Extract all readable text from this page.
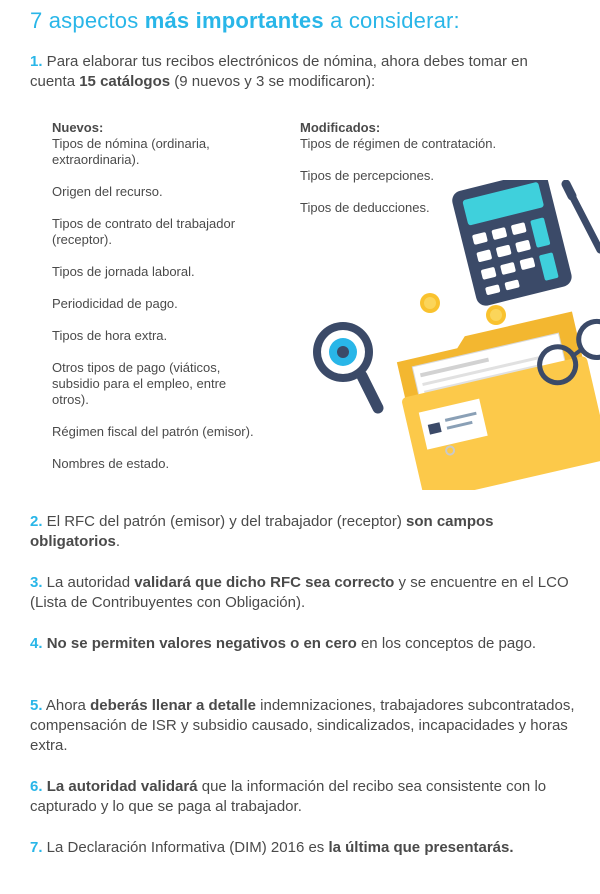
7 aspectos más importantes a considerar:

1. Para elaborar tus recibos electrónicos de nómina, ahora debes tomar en cuenta 15 catálogos (9 nuevos y 3 se modificaron):

Nuevos:
Tipos de nómina (ordinaria, extraordinaria).
Origen del recurso.
Tipos de contrato del trabajador (receptor).
Tipos de jornada laboral.
Periodicidad de pago.
Tipos de hora extra.
Otros tipos de pago (viáticos, subsidio para el empleo, entre otros).
Régimen fiscal del patrón (emisor).
Nombres de estado.
Modificados:
Tipos de régimen de contratación.
Tipos de percepciones.
Tipos de deducciones.

2. El RFC del patrón (emisor) y del trabajador (receptor) son campos obligatorios.

3. La autoridad validará que dicho RFC sea correcto y se encuentre en el LCO (Lista de Contribuyentes con Obligación).

4. No se permiten valores negativos o en cero en los conceptos de pago.

5. Ahora deberás llenar a detalle indemnizaciones, trabajadores subcontratados, compensación de ISR y subsidio causado, sindicalizados, incapacidades y horas extra.

6. La autoridad validará que la información del recibo sea consistente con lo capturado y lo que se paga al trabajador.

7. La Declaración Informativa (DIM) 2016 es la última que presentarás.
